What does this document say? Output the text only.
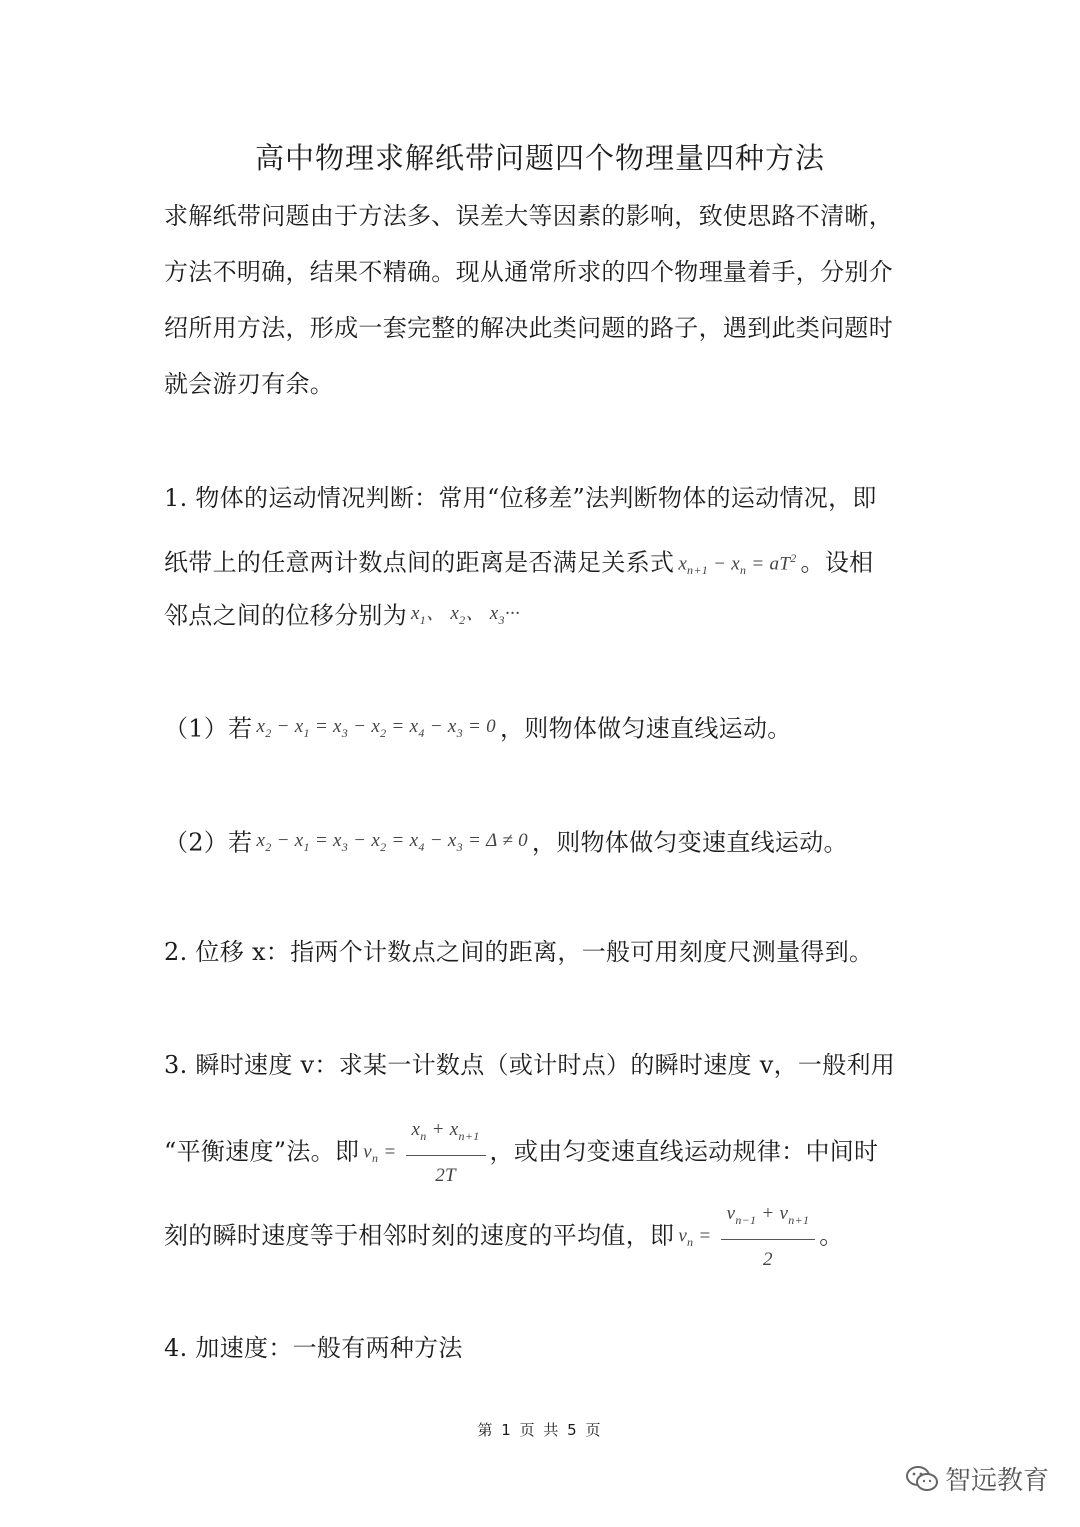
高中物理求解纸带问题四个物理量四种方法
求解纸带问题由于方法多、误差大等因素的影响，致使思路不清晰，
方法不明确，结果不精确。现从通常所求的四个物理量着手，分别介
绍所用方法，形成一套完整的解决此类问题的路子，遇到此类问题时
就会游刃有余。
1. 物体的运动情况判断：常用“位移差”法判断物体的运动情况，即
纸带上的任意两计数点间的距离是否满足关系式 $x_{n+1} - x_n = aT^2$ 。设相
邻点之间的位移分别为 $x_1$、 $x_2$、 $x_3\cdot\cdot\cdot$
（1）若 $x_2 - x_1 = x_3 - x_2 = x_4 - x_3 = 0$ ，则物体做匀速直线运动。
（2）若 $x_2 - x_1 = x_3 - x_2 = x_4 - x_3 = \Delta \ne 0$ ，则物体做匀变速直线运动。
2. 位移 x：指两个计数点之间的距离，一般可用刻度尺测量得到。
3. 瞬时速度 v：求某一计数点（或计时点）的瞬时速度 v，一般利用
“平衡速度”法。即 $v_n = \frac{x_n + x_{n+1}}{2T}$ ，或由匀变速直线运动规律：中间时
刻的瞬时速度等于相邻时刻的速度的平均值，即 $v_n = \frac{v_{n-1} + v_{n+1}}{2}$ 。
4. 加速度：一般有两种方法
第 1 页 共 5 页
智远教育
